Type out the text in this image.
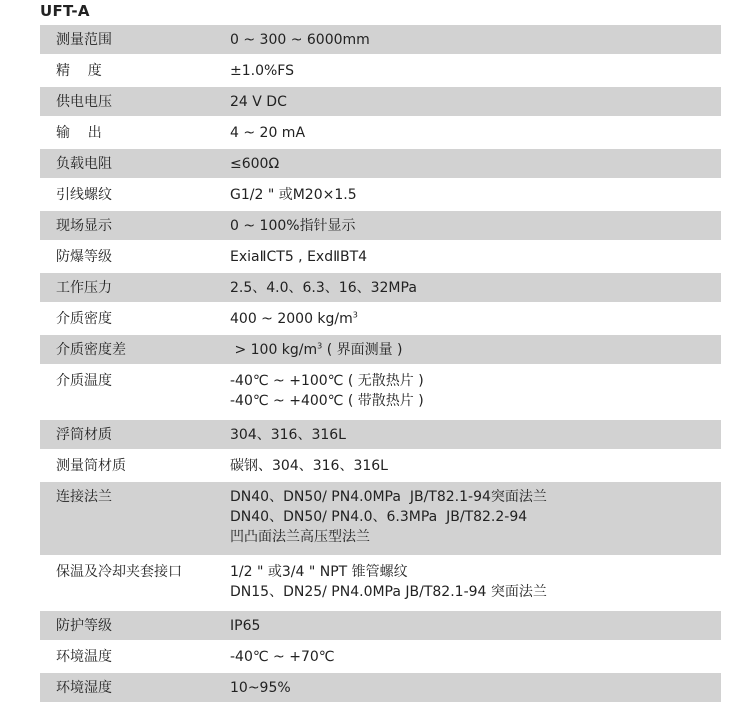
UFT-A
测量范围	0 ~ 300 ~ 6000mm
精    度	±1.0%FS
供电电压	24 V DC
输    出	4 ~ 20 mA
负载电阻	≤600Ω
引线螺纹	G1/2 " 或M20×1.5
现场显示	0 ~ 100%指针显示
防爆等级	ExiaⅡCT5 , ExdⅡBT4
工作压力	2.5、4.0、6.3、16、32MPa
介质密度	400 ~ 2000 $kg/m^3$
介质密度差	> 100 $kg/m^3$ ( 界面测量 )
介质温度	-40℃ ~ +100℃ ( 无散热片 )
-40℃ ~ +400℃ ( 带散热片 )
浮筒材质	304、316、316L
测量筒材质	碳钢、304、316、316L
连接法兰	DN40、DN50/ PN4.0MPa  JB/T82.1-94突面法兰
DN40、DN50/ PN4.0、6.3MPa  JB/T82.2-94
凹凸面法兰高压型法兰
保温及冷却夹套接口	1/2 " 或3/4 " NPT 锥管螺纹
DN15、DN25/ PN4.0MPa JB/T82.1-94 突面法兰
防护等级	IP65
环境温度	-40℃ ~ +70℃
环境湿度	10~95%
